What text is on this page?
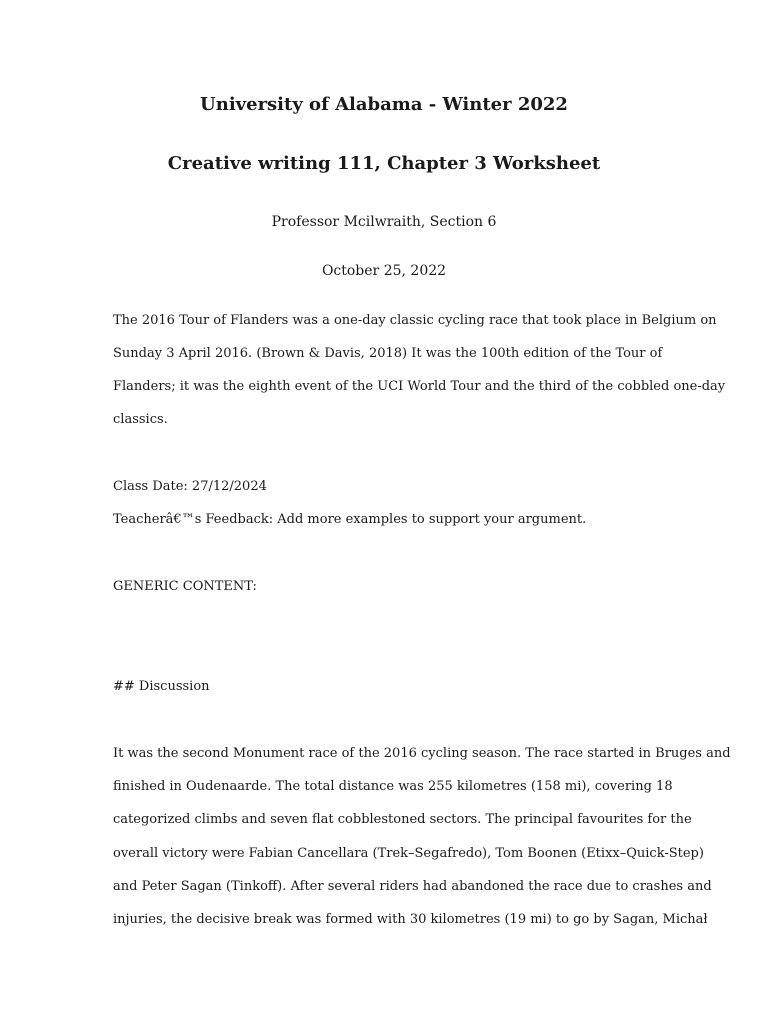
University of Alabama - Winter 2022
Creative writing 111, Chapter 3 Worksheet

Professor Mcilwraith, Section 6

October 25, 2022

The 2016 Tour of Flanders was a one-day classic cycling race that took place in Belgium on

Sunday 3 April 2016. (Brown & Davis, 2018) It was the 100th edition of the Tour of

Flanders; it was the eighth event of the UCI World Tour and the third of the cobbled one-day

classics.

Class Date: 27/12/2024

Teacherâ€™s Feedback: Add more examples to support your argument.

GENERIC CONTENT:

## Discussion

It was the second Monument race of the 2016 cycling season. The race started in Bruges and

finished in Oudenaarde. The total distance was 255 kilometres (158 mi), covering 18

categorized climbs and seven flat cobblestoned sectors. The principal favourites for the

overall victory were Fabian Cancellara (Trek–Segafredo), Tom Boonen (Etixx–Quick-Step)

and Peter Sagan (Tinkoff). After several riders had abandoned the race due to crashes and

injuries, the decisive break was formed with 30 kilometres (19 mi) to go by Sagan, Michał
